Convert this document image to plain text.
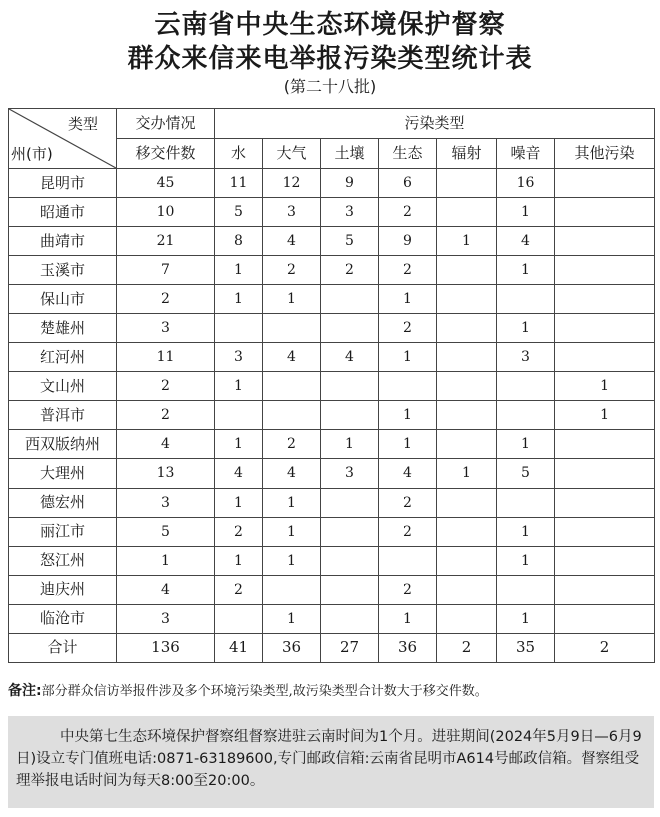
云南省中央生态环境保护督察
群众来信来电举报污染类型统计表
(第二十八批)
类型
州(市)	交办情况	污染类型						
	移交件数	水	大气	土壤	生态	辐射	噪音	其他污染
昆明市	45	11	12	9	6		16	
昭通市	10	5	3	3	2		1	
曲靖市	21	8	4	5	9	1	4	
玉溪市	7	1	2	2	2		1	
保山市	2	1	1		1			
楚雄州	3				2		1	
红河州	11	3	4	4	1		3	
文山州	2	1						1
普洱市	2				1			1
西双版纳州	4	1	2	1	1		1	
大理州	13	4	4	3	4	1	5	
德宏州	3	1	1		2			
丽江市	5	2	1		2		1	
怒江州	1	1	1				1	
迪庆州	4	2			2			
临沧市	3		1		1		1	
合计	136	41	36	27	36	2	35	2
备注:部分群众信访举报件涉及多个环境污染类型,故污染类型合计数大于移交件数。
中央第七生态环境保护督察组督察进驻云南时间为1个月。进驻期间(2024年5月9日—6月9日)设立专门值班电话:0871-63189600,专门邮政信箱:云南省昆明市A614号邮政信箱。督察组受理举报电话时间为每天8:00至20:00。
